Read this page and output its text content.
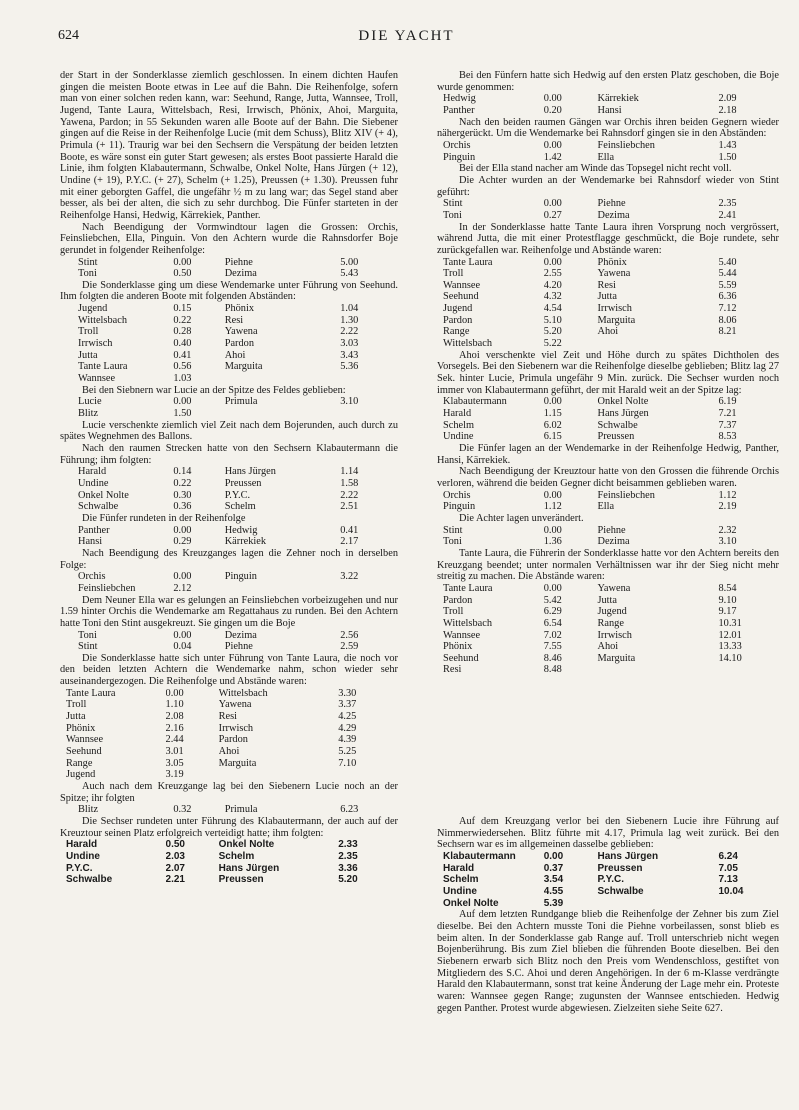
624	DIE YACHT

der Start in der Sonderklasse ziemlich geschlossen. In einem dichten Haufen gingen die meisten Boote etwas in Lee auf die Bahn. Die Reihenfolge, sofern man von einer solchen reden kann, war: Seehund, Range, Jutta, Wannsee, Troll, Jugend, Tante Laura, Wittelsbach, Resi, Irrwisch, Phönix, Ahoi, Marguita, Yawena, Pardon; in 55 Sekunden waren alle Boote auf der Bahn. Die Siebener gingen auf die Reise in der Reihenfolge Lucie (mit dem Schuss), Blitz XIV (+ 4), Primula (+ 11). Traurig war bei den Sechsern die Verspätung der beiden letzten Boote, es wäre sonst ein guter Start gewesen; als erstes Boot passierte Harald die Linie, ihm folgten Klabautermann, Schwalbe, Onkel Nolte, Hans Jürgen (+ 12), Undine (+ 19), P.Y.C. (+ 27), Schelm (+ 1.25), Preussen (+ 1.30). Preussen fuhr mit einer geborgten Gaffel, die ungefähr ½ m zu lang war; das Segel stand aber besser, als bei der alten, die sich zu sehr durchbog. Die Fünfer starteten in der Reihenfolge Hansi, Hedwig, Kärrekiek, Panther.

Nach Beendigung der Vormwindtour lagen die Grossen: Orchis, Feinsliebchen, Ella, Pinguin. Von den Achtern wurde die Rahnsdorfer Boje gerundet in folgender Reihenfolge:

Stint	0.00	Piehne	5.00
Toni	0.50	Dezima	5.43

Die Sonderklasse ging um diese Wendemarke unter Führung von Seehund. Ihm folgten die anderen Boote mit folgenden Abständen:

Jugend	0.15	Phönix	1.04
Wittelsbach	0.22	Resi	1.30
Troll	0.28	Yawena	2.22
Irrwisch	0.40	Pardon	3.03
Jutta	0.41	Ahoi	3.43
Tante Laura	0.56	Marguita	5.36
Wannsee	1.03		

Bei den Siebnern war Lucie an der Spitze des Feldes geblieben:

Lucie	0.00	Primula	3.10
Blitz	1.50		

Lucie verschenkte ziemlich viel Zeit nach dem Bojerunden, auch durch zu spätes Wegnehmen des Ballons.

Nach den raumen Strecken hatte von den Sechsern Klabautermann die Führung; ihm folgten:

Harald	0.14	Hans Jürgen	1.14
Undine	0.22	Preussen	1.58
Onkel Nolte	0.30	P.Y.C.	2.22
Schwalbe	0.36	Schelm	2.51

Die Fünfer rundeten in der Reihenfolge

Panther	0.00	Hedwig	0.41
Hansi	0.29	Kärrekiek	2.17

Nach Beendigung des Kreuzganges lagen die Zehner noch in derselben Folge:

Orchis	0.00	Pinguin	3.22
Feinsliebchen	2.12		

Dem Neuner Ella war es gelungen an Feinsliebchen vorbeizugehen und nur 1.59 hinter Orchis die Wendemarke am Regattahaus zu runden. Bei den Achtern hatte Toni den Stint ausgekreuzt. Sie gingen um die Boje

Toni	0.00	Dezima	2.56
Stint	0.04	Piehne	2.59

Die Sonderklasse hatte sich unter Führung von Tante Laura, die noch vor den beiden letzten Achtern die Wendemarke nahm, schon wieder sehr auseinandergezogen. Die Reihenfolge und Abstände waren:

Tante Laura	0.00	Wittelsbach	3.30
Troll	1.10	Yawena	3.37
Jutta	2.08	Resi	4.25
Phönix	2.16	Irrwisch	4.29
Wannsee	2.44	Pardon	4.39
Seehund	3.01	Ahoi	5.25
Range	3.05	Marguita	7.10
Jugend	3.19		

Auch nach dem Kreuzgange lag bei den Siebenern Lucie noch an der Spitze; ihr folgten

Blitz	0.32	Primula	6.23

Die Sechser rundeten unter Führung des Klabautermann, der auch auf der Kreuztour seinen Platz erfolgreich verteidigt hatte; ihm folgten:

Harald	0.50	Onkel Nolte	2.33
Undine	2.03	Schelm	2.35
P.Y.C.	2.07	Hans Jürgen	3.36
Schwalbe	2.21	Preussen	5.20

Bei den Fünfern hatte sich Hedwig auf den ersten Platz geschoben, die Boje wurde genommen:

Hedwig	0.00	Kärrekiek	2.09
Panther	0.20	Hansi	2.18

Nach den beiden raumen Gängen war Orchis ihren beiden Gegnern wieder nähergerückt. Um die Wendemarke bei Rahnsdorf gingen sie in den Abständen:

Orchis	0.00	Feinsliebchen	1.43
Pinguin	1.42	Ella	1.50

Bei der Ella stand nacher am Winde das Topsegel nicht recht voll.

Die Achter wurden an der Wendemarke bei Rahnsdorf wieder von Stint geführt:

Stint	0.00	Piehne	2.35
Toni	0.27	Dezima	2.41

In der Sonderklasse hatte Tante Laura ihren Vorsprung noch vergrössert, während Jutta, die mit einer Protestflagge geschmückt, die Boje rundete, sehr zurückgefallen war. Reihenfolge und Abstände waren:

Tante Laura	0.00	Phönix	5.40
Troll	2.55	Yawena	5.44
Wannsee	4.20	Resi	5.59
Seehund	4.32	Jutta	6.36
Jugend	4.54	Irrwisch	7.12
Pardon	5.10	Marguita	8.06
Range	5.20	Ahoi	8.21
Wittelsbach	5.22		

Ahoi verschenkte viel Zeit und Höhe durch zu spätes Dichtholen des Vorsegels. Bei den Siebenern war die Reihenfolge dieselbe geblieben; Blitz lag 27 Sek. hinter Lucie, Primula ungefähr 9 Min. zurück. Die Sechser wurden noch immer von Klabautermann geführt, der mit Harald weit an der Spitze lag:

Klabautermann	0.00	Onkel Nolte	6.19
Harald	1.15	Hans Jürgen	7.21
Schelm	6.02	Schwalbe	7.37
Undine	6.15	Preussen	8.53

Die Fünfer lagen an der Wendemarke in der Reihenfolge Hedwig, Panther, Hansi, Kärrekiek.

Nach Beendigung der Kreuztour hatte von den Grossen die führende Orchis verloren, während die beiden Gegner dicht beisammen geblieben waren.

Orchis	0.00	Feinsliebchen	1.12
Pinguin	1.12	Ella	2.19

Die Achter lagen unverändert.

Stint	0.00	Piehne	2.32
Toni	1.36	Dezima	3.10

Tante Laura, die Führerin der Sonderklasse hatte vor den Achtern bereits den Kreuzgang beendet; unter normalen Verhältnissen war ihr der Sieg nicht mehr streitig zu machen. Die Abstände waren:

Tante Laura	0.00	Yawena	8.54
Pardon	5.42	Jutta	9.10
Troll	6.29	Jugend	9.17
Wittelsbach	6.54	Range	10.31
Wannsee	7.02	Irrwisch	12.01
Phönix	7.55	Ahoi	13.33
Seehund	8.46	Marguita	14.10
Resi	8.48		

Auf dem Kreuzgang verlor bei den Siebenern Lucie ihre Führung auf Nimmerwiedersehen. Blitz führte mit 4.17, Primula lag weit zurück. Bei den Sechsern war es im allgemeinen dasselbe geblieben:

Klabautermann	0.00	Hans Jürgen	6.24
Harald	0.37	Preussen	7.05
Schelm	3.54	P.Y.C.	7.13
Undine	4.55	Schwalbe	10.04
Onkel Nolte	5.39		

Auf dem letzten Rundgange blieb die Reihenfolge der Zehner bis zum Ziel dieselbe. Bei den Achtern musste Toni die Piehne vorbeilassen, sonst blieb es beim alten. In der Sonderklasse gab Range auf. Troll unterschrieb nicht wegen Bojenberührung. Bis zum Ziel blieben die führenden Boote dieselben. Bei den Siebenern erwarb sich Blitz noch den Preis vom Wendenschloss, gestiftet von Mitgliedern des S.C. Ahoi und deren Angehörigen. In der 6 m-Klasse verdrängte Harald den Klabautermann, sonst trat keine Änderung der Lage mehr ein. Proteste waren: Wannsee gegen Range; zugunsten der Wannsee entschieden. Hedwig gegen Panther. Protest wurde abgewiesen. Zielzeiten siehe Seite 627.
